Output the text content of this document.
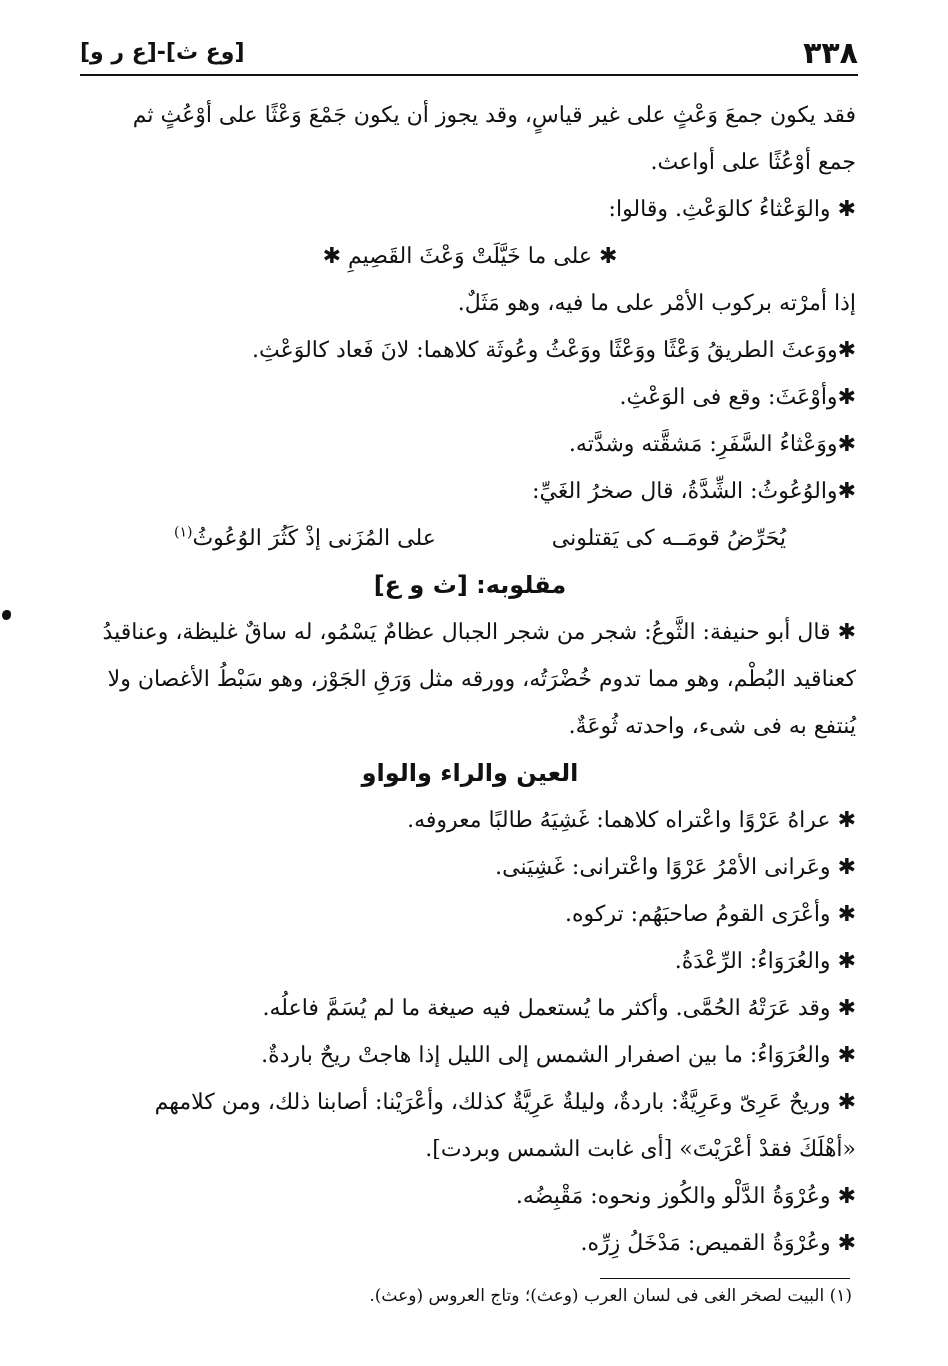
٣٣٨
[وع ث]-[ع ر و]

فقد يكون جمعَ وَعْثٍ على غير قياسٍ، وقد يجوز أن يكون جَمْعَ وَعْثًا على أوْعُثٍ ثم

جمع أوْعُثًا على أواعث.

✱ والوَعْثاءُ كالوَعْثِ. وقالوا:

✱ على ما خَيَّلَتْ وَعْثَ القَصِيمِ ✱

إذا أمرْته بركوب الأمْر على ما فيه، وهو مَثَلٌ.

✱ووَعثَ الطريقُ وَعْثًا ووَعْثًا ووَعْثُ وعُوثَة كلاهما: لانَ فَعاد كالوَعْثِ.

✱وأوْعَثَ: وقع فى الوَعْثِ.

✱ووَعْثاءُ السَّفَرِ: مَشقَّته وشدَّته.

✱والوُعُوثُ: الشِّدَّةُ، قال صخرُ الغَيِّ:

يُحَرِّضُ قومَــه كى يَقتلونى
على المُزَنى إذْ كَثُرَ الوُعُوثُ$^{(١)}$

مقلوبه: [ث و ع]

✱ قال أبو حنيفة: الثَّوعُ: شجر من شجر الجبال عظامٌ يَسْمُو، له ساقٌ غليظة، وعناقيدُ

كعناقيد البُطْم، وهو مما تدوم خُضْرَتُه، وورقه مثل وَرَقِ الجَوْز، وهو سَبْطُ الأغصان ولا

يُنتفع به فى شىء، واحدته ثُوعَةٌ.

العين والراء والواو

✱ عراهُ عَرْوًا واعْتراه كلاهما: غَشِيَهُ طالبًا معروفه.

✱ وعَرانى الأمْرُ عَرْوًا واعْترانى: غَشِيَنى.

✱ وأعْرَى القومُ صاحبَهُم: تركوه.

✱ والعُرَوَاءُ: الرِّعْدَةُ.

✱ وقد عَرَتْهُ الحُمَّى. وأكثر ما يُستعمل فيه صيغة ما لم يُسَمَّ فاعلُه.

✱ والعُرَوَاءُ: ما بين اصفرار الشمس إلى الليل إذا هاجتْ ريحٌ باردةٌ.

✱ وريحٌ عَرِىّ وعَرِيَّةٌ: باردةٌ، وليلةٌ عَرِيَّةٌ كذلك، وأعْرَيْنا: أصابنا ذلك، ومن كلامهم

«أهْلَكَ فقدْ أعْرَيْتَ» [أى غابت الشمس وبردت].

✱ وعُرْوَةُ الدَّلْو والكُوز ونحوه: مَقْبِضُه.

✱ وعُرْوَةُ القميص: مَدْخَلُ زِرِّه.

(١) البيت لصخر الغى فى لسان العرب (وعث)؛ وتاج العروس (وعث).
